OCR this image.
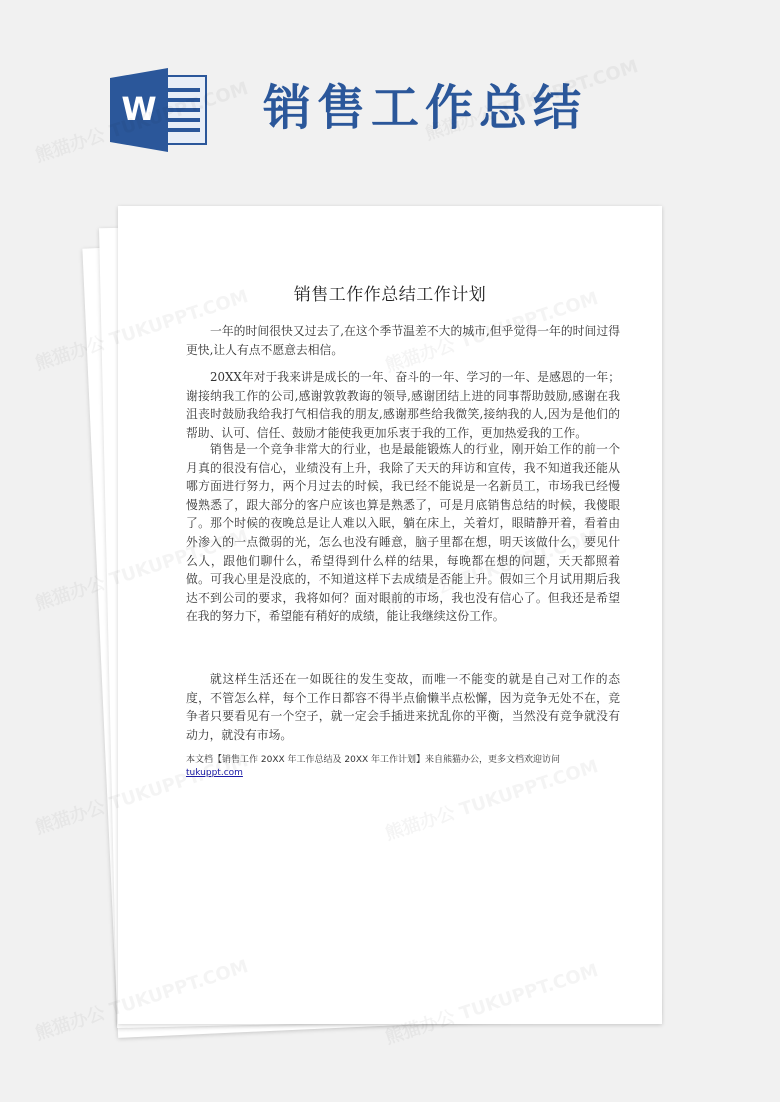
W 销售工作总结
销售工作作总结工作计划

一年的时间很快又过去了,在这个季节温差不大的城市,但乎觉得一年的时间过得更快,让人有点不愿意去相信。

20XX年对于我来讲是成长的一年、奋斗的一年、学习的一年、是感恩的一年；谢接纳我工作的公司,感谢敦敦教诲的领导,感谢团结上进的同事帮助鼓励,感谢在我沮丧时鼓励我给我打气相信我的朋友,感谢那些给我微笑,接纳我的人,因为是他们的帮助、认可、信任、鼓励才能使我更加乐衷于我的工作，更加热爱我的工作。

销售是一个竞争非常大的行业，也是最能锻炼人的行业，刚开始工作的前一个月真的很没有信心，业绩没有上升，我除了天天的拜访和宣传，我不知道我还能从哪方面进行努力，两个月过去的时候，我已经不能说是一名新员工，市场我已经慢慢熟悉了，跟大部分的客户应该也算是熟悉了，可是月底销售总结的时候，我傻眼了。那个时候的夜晚总是让人难以入眠，躺在床上，关着灯，眼睛静开着，看着由外渗入的一点微弱的光，怎么也没有睡意，脑子里都在想，明天该做什么，要见什么人，跟他们聊什么，希望得到什么样的结果，每晚都在想的问题，天天都照着做。可我心里是没底的，不知道这样下去成绩是否能上升。假如三个月试用期后我达不到公司的要求，我将如何？面对眼前的市场，我也没有信心了。但我还是希望在我的努力下，希望能有稍好的成绩，能让我继续这份工作。

就这样生活还在一如既往的发生变故，而唯一不能变的就是自己对工作的态度，不管怎么样，每个工作日都容不得半点偷懒半点松懈，因为竞争无处不在，竞争者只要看见有一个空子，就一定会手插进来扰乱你的平衡，当然没有竞争就没有动力，就没有市场。

本文档【销售工作 20XX 年工作总结及 20XX 年工作计划】来自熊猫办公，更多文档欢迎访问
tukuppt.com
